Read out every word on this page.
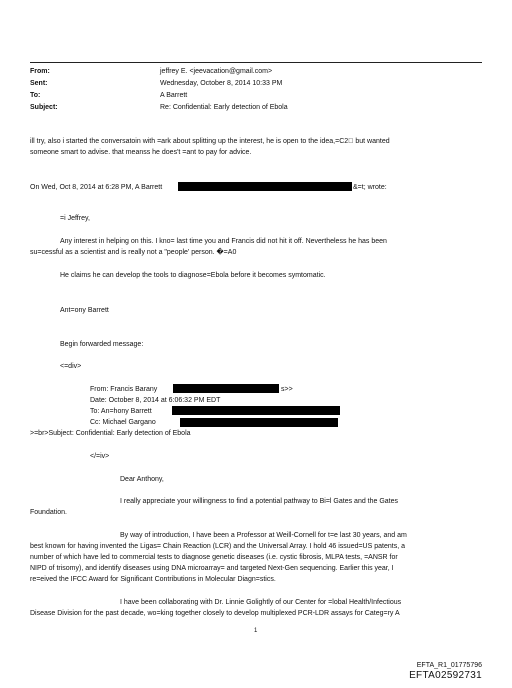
From:	jeffrey E. <jeevacation@gmail.com>
Sent:	Wednesday, October 8, 2014 10:33 PM
To:	A Barrett
Subject:	Re: Confidential: Early detection of Ebola
ill try, also i started the conversatoin with =ark about splitting up the interest, he is open to the idea,=C2  but wanted
someone smart to advise. that meanss he does't =ant to pay for advice.
On Wed, Oct 8, 2014 at 6:28 PM, A Barrett	&=t; wrote:
=i Jeffrey,
Any interest in helping on this. I kno= last time you and Francis did not hit it off. Nevertheless he has been
su=cessful as a scientist and is really not a "people' person. �=A0
He claims he can develop the tools to diagnose=Ebola before it becomes symtomatic.
Ant=ony Barrett
Begin forwarded message:
<=div>
From: Francis Barany	s>>
Date: October 8, 2014 at 6:06:32 PM EDT
To: An=hony Barrett
Cc: Michael Gargano
>=br>Subject: Confidential: Early detection of Ebola
</=iv>
Dear Anthony,
I really appreciate your willingness to find a potential pathway to Bi=l Gates and the Gates
Foundation.
By way of introduction, I have been a Professor at Weill-Cornell for t=e last 30 years, and am
best known for having invented the Ligas= Chain Reaction (LCR) and the Universal Array. I hold 46 issued=US patents, a
number of which have led to commercial tests to diagnose genetic diseases (i.e. cystic fibrosis, MLPA tests, =ANSR for
NIPD of trisomy), and identify diseases using DNA microarray= and targeted Next-Gen sequencing. Earlier this year, I
re=eived the IFCC Award for Significant Contributions in Molecular Diagn=stics.
I have been collaborating with Dr. Linnie Golightly of our Center for =lobal Health/Infectious
Disease Division for the past decade, wo=king together closely to develop multiplexed PCR-LDR assays for Categ=ry A
1
EFTA_R1_01775796
EFTA02592731
